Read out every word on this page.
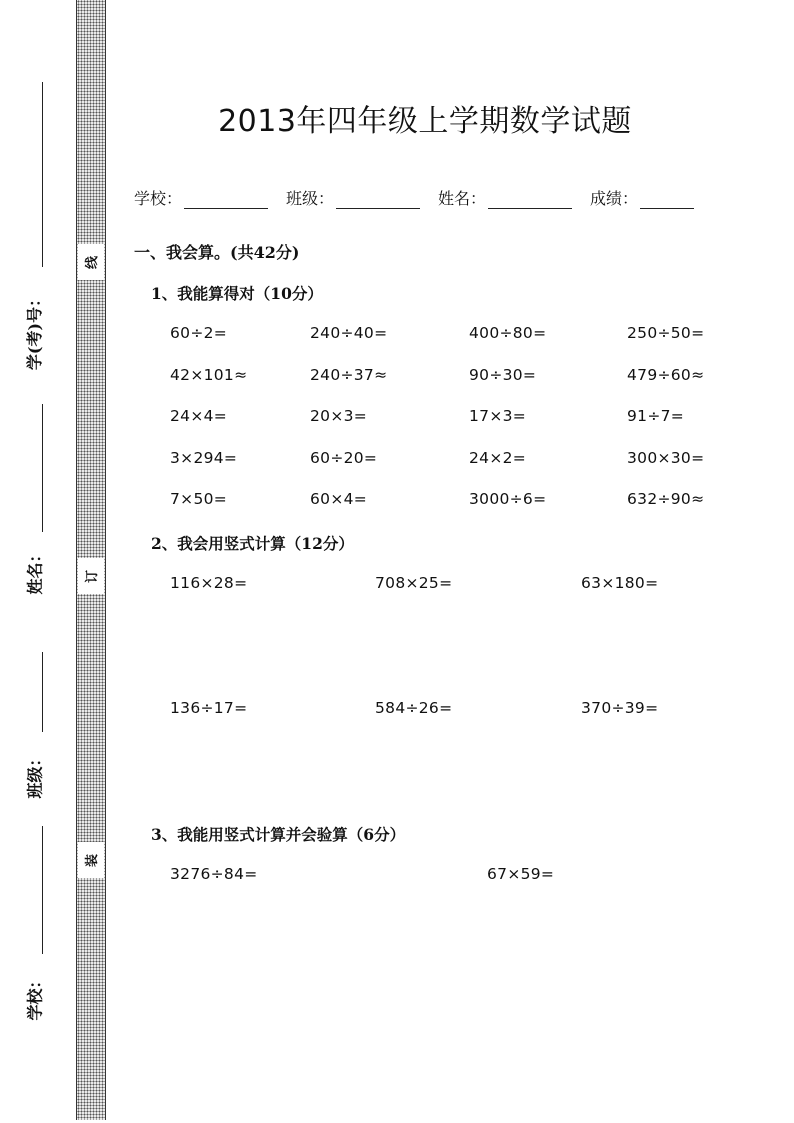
线
订
装
学(考)号：
姓名：
班级：
学校：
2013年四年级上学期数学试题
学校：	班级：	姓名：	成绩：
一、我会算。(共42分)
1、我能算得对（10分）
60÷2=	240÷40=	400÷80=	250÷50=
42×101≈	240÷37≈	90÷30=	479÷60≈
24×4=	20×3=	17×3=	91÷7=
3×294=	60÷20=	24×2=	300×30=
7×50=	60×4=	3000÷6=	632÷90≈
2、我会用竖式计算（12分）
116×28=	708×25=	63×180=
136÷17=	584÷26=	370÷39=
3、我能用竖式计算并会验算（6分）
3276÷84=	67×59=
